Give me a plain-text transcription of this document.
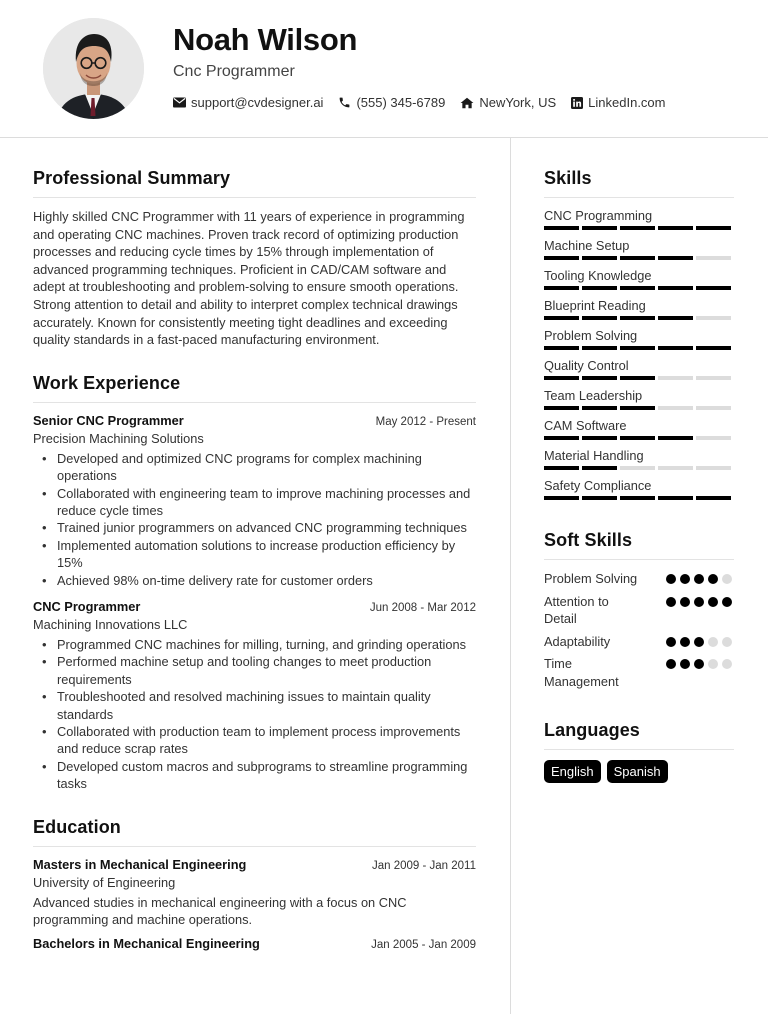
Noah Wilson
Cnc Programmer
support@cvdesigner.ai	(555) 345-6789	NewYork, US LinkedIn.com
Professional Summary
Highly skilled CNC Programmer with 11 years of experience in programming and operating CNC machines. Proven track record of optimizing production processes and reducing cycle times by 15% through implementation of advanced programming techniques. Proficient in CAD/CAM software and adept at troubleshooting and problem-solving to ensure smooth operations. Strong attention to detail and ability to interpret complex technical drawings accurately. Known for consistently meeting tight deadlines and exceeding quality standards in a fast-paced manufacturing environment.
Work Experience
Senior CNC Programmer	May 2012 - Present
Precision Machining Solutions
• Developed and optimized CNC programs for complex machining operations
• Collaborated with engineering team to improve machining processes and reduce cycle times
• Trained junior programmers on advanced CNC programming techniques
• Implemented automation solutions to increase production efficiency by 15%
• Achieved 98% on-time delivery rate for customer orders
CNC Programmer	Jun 2008 - Mar 2012
Machining Innovations LLC
• Programmed CNC machines for milling, turning, and grinding operations
• Performed machine setup and tooling changes to meet production requirements
• Troubleshooted and resolved machining issues to maintain quality standards
• Collaborated with production team to implement process improvements and reduce scrap rates
• Developed custom macros and subprograms to streamline programming tasks
Education
Masters in Mechanical Engineering	Jan 2009 - Jan 2011
University of Engineering
Advanced studies in mechanical engineering with a focus on CNC programming and machine operations.
Bachelors in Mechanical Engineering	Jan 2005 - Jan 2009
Skills
CNC Programming
Machine Setup
Tooling Knowledge
Blueprint Reading
Problem Solving
Quality Control
Team Leadership
CAM Software
Material Handling
Safety Compliance
Soft Skills
Problem Solving
Attention to Detail
Adaptability
Time Management
Languages
English	Spanish
